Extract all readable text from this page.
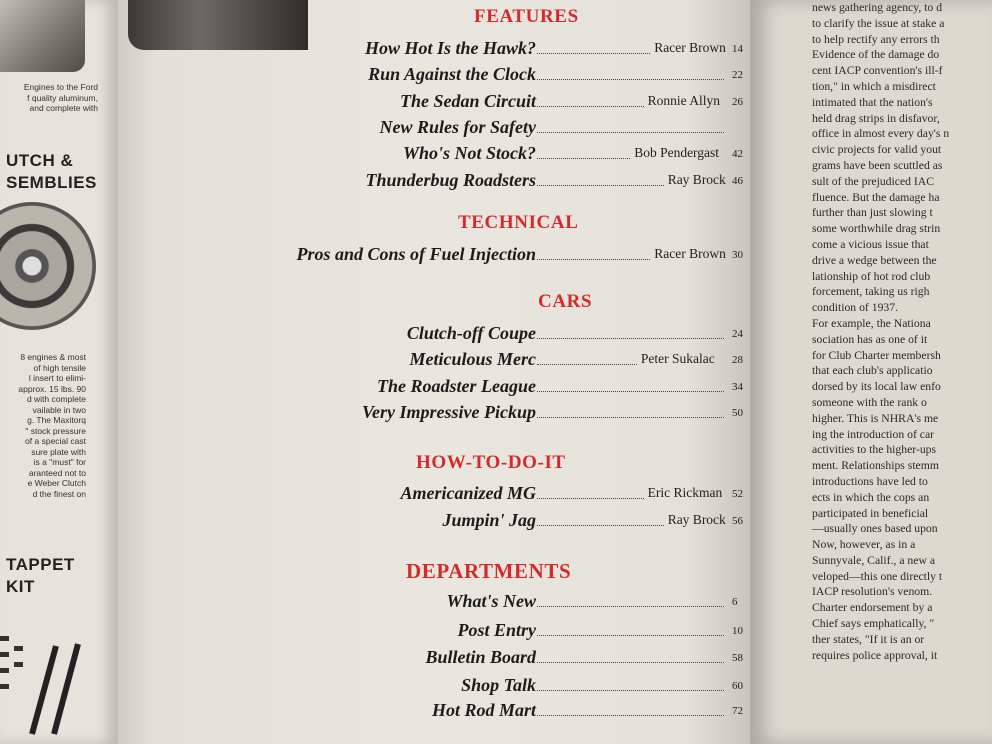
Engines to the Ford
f quality aluminum,
and complete with
UTCH &
SEMBLIES
8 engines & most
of high tensile
l insert to elimi-
approx. 15 lbs. 90
d with complete
vailable in two
g. The Maxitorq
" stock pressure
of a special cast
sure plate with
is a "must" for
aranteed not to
e Weber Clutch
d the finest on
TAPPET
KIT
FEATURES
How Hot Is the Hawk?	Racer Brown 14
Run Against the Clock	22
The Sedan Circuit	Ronnie Allyn 26
New Rules for Safety
Who's Not Stock?	Bob Pendergast 42
Thunderbug Roadsters	Ray Brock 46
TECHNICAL
Pros and Cons of Fuel Injection	Racer Brown 30
CARS
Clutch-off Coupe	24
Meticulous Merc	Peter Sukalac 28
The Roadster League	34
Very Impressive Pickup	50
HOW-TO-DO-IT
Americanized MG	Eric Rickman 52
Jumpin' Jag	Ray Brock 56
DEPARTMENTS
What's New	6
Post Entry	10
Bulletin Board	58
Shop Talk	60
Hot Rod Mart	72
news gathering agency, to d
to clarify the issue at stake a
to help rectify any errors th
Evidence of the damage do
cent IACP convention's ill-f
tion," in which a misdirect
intimated that the nation's
held drag strips in disfavor,
office in almost every day's n
civic projects for valid yout
grams have been scuttled as
sult of the prejudiced IAC
fluence. But the damage ha
further than just slowing t
some worthwhile drag strin
come a vicious issue that
drive a wedge between the
lationship of hot rod club
forcement, taking us righ
condition of 1937.
For example, the Nationa
sociation has as one of it
for Club Charter membersh
that each club's applicatio
dorsed by its local law enfo
someone with the rank o
higher. This is NHRA's me
ing the introduction of car
activities to the higher-ups
ment. Relationships stemm
introductions have led to
ects in which the cops an
participated in beneficial
—usually ones based upon
Now, however, as in a
Sunnyvale, Calif., a new a
veloped—this one directly t
IACP resolution's venom.
Charter endorsement by a
Chief says emphatically, "
ther states, "If it is an or
requires police approval, it
